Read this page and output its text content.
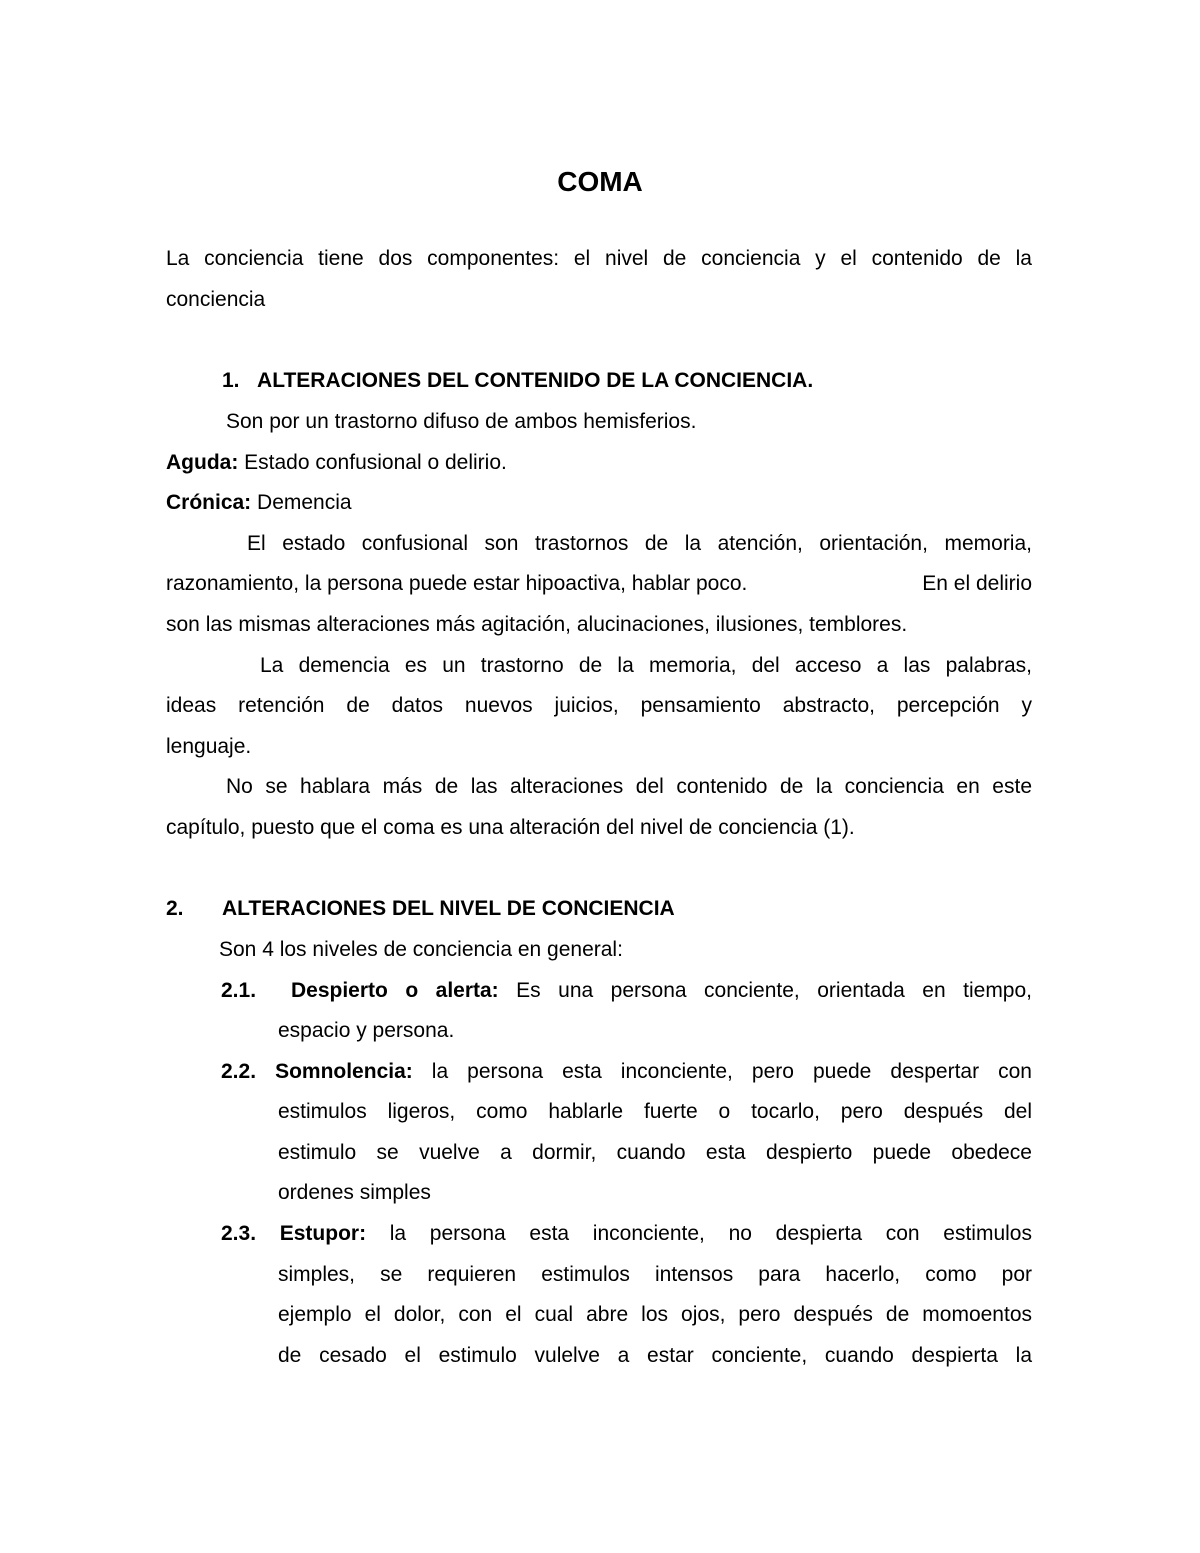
COMA
La conciencia tiene dos componentes: el nivel de conciencia y el contenido de la
conciencia
1. ALTERACIONES DEL CONTENIDO DE LA CONCIENCIA.
Son por un trastorno difuso de ambos hemisferios.
Aguda: Estado confusional o delirio.
Crónica: Demencia
El estado confusional son trastornos de la atención, orientación, memoria,
razonamiento, la persona puede estar hipoactiva, hablar poco.	En el delirio
son las mismas alteraciones más agitación, alucinaciones, ilusiones, temblores.
La demencia es un trastorno de la memoria, del acceso a las palabras,
ideas retención de datos nuevos juicios, pensamiento abstracto, percepción y
lenguaje.
No se hablara más de las alteraciones del contenido de la conciencia en este
capítulo, puesto que el coma es una alteración del nivel de conciencia (1).
2. ALTERACIONES DEL NIVEL DE CONCIENCIA
Son 4 los niveles de conciencia en general:
2.1. Despierto o alerta: Es una persona conciente, orientada en tiempo,
espacio y persona.
2.2. Somnolencia: la persona esta inconciente, pero puede despertar con
estimulos ligeros, como hablarle fuerte o tocarlo, pero después del
estimulo se vuelve a dormir, cuando esta despierto puede obedece
ordenes simples
2.3. Estupor: la persona esta inconciente, no despierta con estimulos
simples, se requieren estimulos intensos para hacerlo, como por
ejemplo el dolor, con el cual abre los ojos, pero después de momoentos
de cesado el estimulo vulelve a estar conciente, cuando despierta la
